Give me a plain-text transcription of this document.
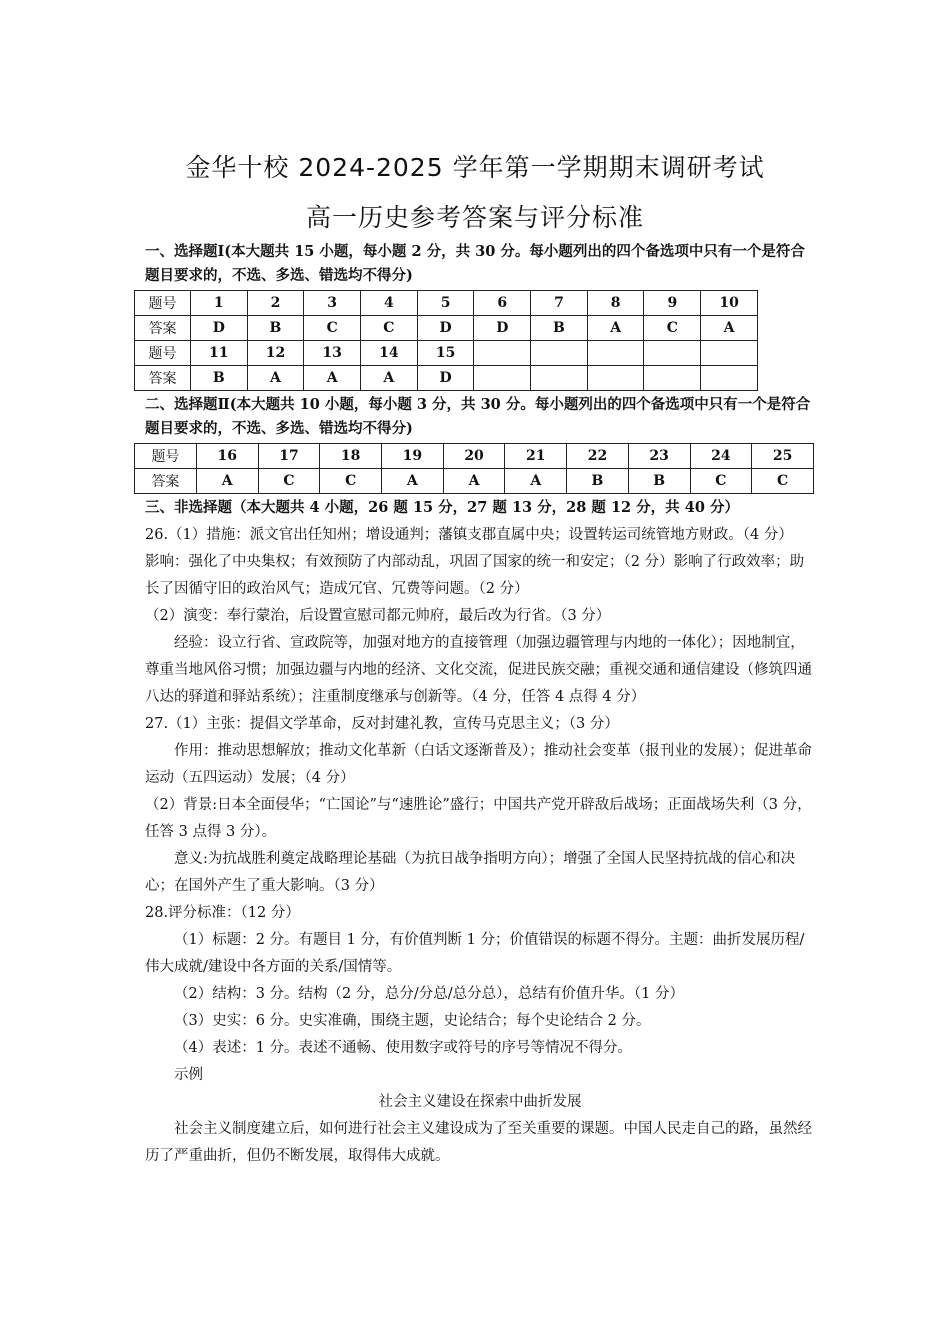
金华十校 2024-2025 学年第一学期期末调研考试
高一历史参考答案与评分标准
一、选择题Ⅰ(本大题共 15 小题，每小题 2 分，共 30 分。每小题列出的四个备选项中只有一个是符合题目要求的，不选、多选、错选均不得分)
题号	1	2	3	4	5	6	7	8	9	10
答案	D	B	C	C	D	D	B	A	C	A
题号	11	12	13	14	15					
答案	B	A	A	A	D					
二、选择题Ⅱ(本大题共 10 小题，每小题 3 分，共 30 分。每小题列出的四个备选项中只有一个是符合题目要求的，不选、多选、错选均不得分)
题号	16	17	18	19	20	21	22	23	24	25
答案	A	C	C	A	A	A	B	B	C	C
三、非选择题（本大题共 4 小题，26 题 15 分，27 题 13 分，28 题 12 分，共 40 分）

26.（1）措施：派文官出任知州；增设通判；藩镇支郡直属中央；设置转运司统管地方财政。（4 分）

影响：强化了中央集权；有效预防了内部动乱，巩固了国家的统一和安定；（2 分）影响了行政效率；助长了因循守旧的政治风气；造成冗官、冗费等问题。（2 分）

（2）演变：奉行蒙治，后设置宣慰司都元帅府，最后改为行省。（3 分）

经验：设立行省、宣政院等，加强对地方的直接管理（加强边疆管理与内地的一体化）；因地制宜，尊重当地风俗习惯；加强边疆与内地的经济、文化交流，促进民族交融；重视交通和通信建设（修筑四通八达的驿道和驿站系统）；注重制度继承与创新等。（4 分，任答 4 点得 4 分）

27.（1）主张：提倡文学革命，反对封建礼教，宣传马克思主义；（3 分）

作用：推动思想解放；推动文化革新（白话文逐渐普及）；推动社会变革（报刊业的发展）；促进革命运动（五四运动）发展；（4 分）

（2）背景:日本全面侵华；“亡国论”与“速胜论”盛行；中国共产党开辟敌后战场；正面战场失利（3 分，任答 3 点得 3 分）。

意义:为抗战胜利奠定战略理论基础（为抗日战争指明方向）；增强了全国人民坚持抗战的信心和决心；在国外产生了重大影响。（3 分）

28.评分标准：（12 分）

（1）标题：2 分。有题目 1 分，有价值判断 1 分；价值错误的标题不得分。主题：曲折发展历程/伟大成就/建设中各方面的关系/国情等。

（2）结构：3 分。结构（2 分，总分/分总/总分总），总结有价值升华。（1 分）

（3）史实：6 分。史实准确，围绕主题，史论结合；每个史论结合 2 分。

（4）表述：1 分。表述不通畅、使用数字或符号的序号等情况不得分。

示例

社会主义建设在探索中曲折发展

社会主义制度建立后，如何进行社会主义建设成为了至关重要的课题。中国人民走自己的路，虽然经历了严重曲折，但仍不断发展，取得伟大成就。
